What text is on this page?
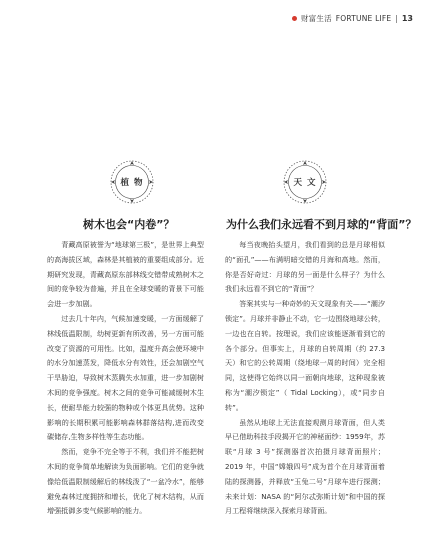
财富生活 FORTUNE LIFE | 13
植 物	天 文
树木也会“内卷”？	为什么我们永远看不到月球的“背面”？

青藏高原被誉为“地球第三极”，是世界上典型的高海拔区域，森林是其植被的重要组成部分。近期研究发现，青藏高原东部林线交错带成熟树木之间的竞争较为普遍，并且在全球变暖的背景下可能会进一步加剧。

过去几十年内，气候加速变暖，一方面缓解了林线低温限制，幼树更新有所改善，另一方面可能改变了资源的可用性。比如，温度升高会使环境中的水分加速蒸发，降低水分有效性，还会加剧空气干旱胁迫，导致树木蒸腾失水加重，进一步加剧树木间的竞争强度。树木之间的竞争可能减缓树木生长，使耐旱能力较强的物种或个体更具优势。这种影响的长期积累可能影响森林群落结构,进而改变碳储存,生物多样性等生态功能。

然而，竞争不完全等于不利，我们并不能把树木间的竞争简单地解读为负面影响。它们的竞争就像给低温限制缓解后的林线泼了“一盆冷水”，能够避免森林过度拥挤和增长，优化了树木结构，从而增强抵御多变气候影响的能力。

每当夜晚抬头望月，我们看到的总是月球相似的“面孔”——布满明暗交错的月海和高地。然而，你是否好奇过：月球的另一面是什么样子？为什么我们永远看不到它的“背面”？

答案其实与一种奇妙的天文现象有关——“潮汐锁定”。月球并非静止不动，它一边围绕地球公转，一边也在自转。按理说，我们应该能逐渐看到它的各个部分。但事实上，月球的自转周期（约 27.3 天）和它的公转周期（绕地球一周的时间）完全相同，这使得它始终以同一面朝向地球，这种现象被称为“潮汐锁定”（ Tidal Locking），或“同步自转”。

虽然从地球上无法直接观测月球背面，但人类早已借助科技手段揭开它的神秘面纱：1959年，苏联“月球 3 号”探测器首次拍摄月球背面照片；2019 年，中国“嫦娥四号”成为首个在月球背面着陆的探测器，并释放“玉兔二号”月球车进行探测；未来计划：NASA 的“阿尔忒弥斯计划”和中国的探月工程将继续深入探索月球背面。
